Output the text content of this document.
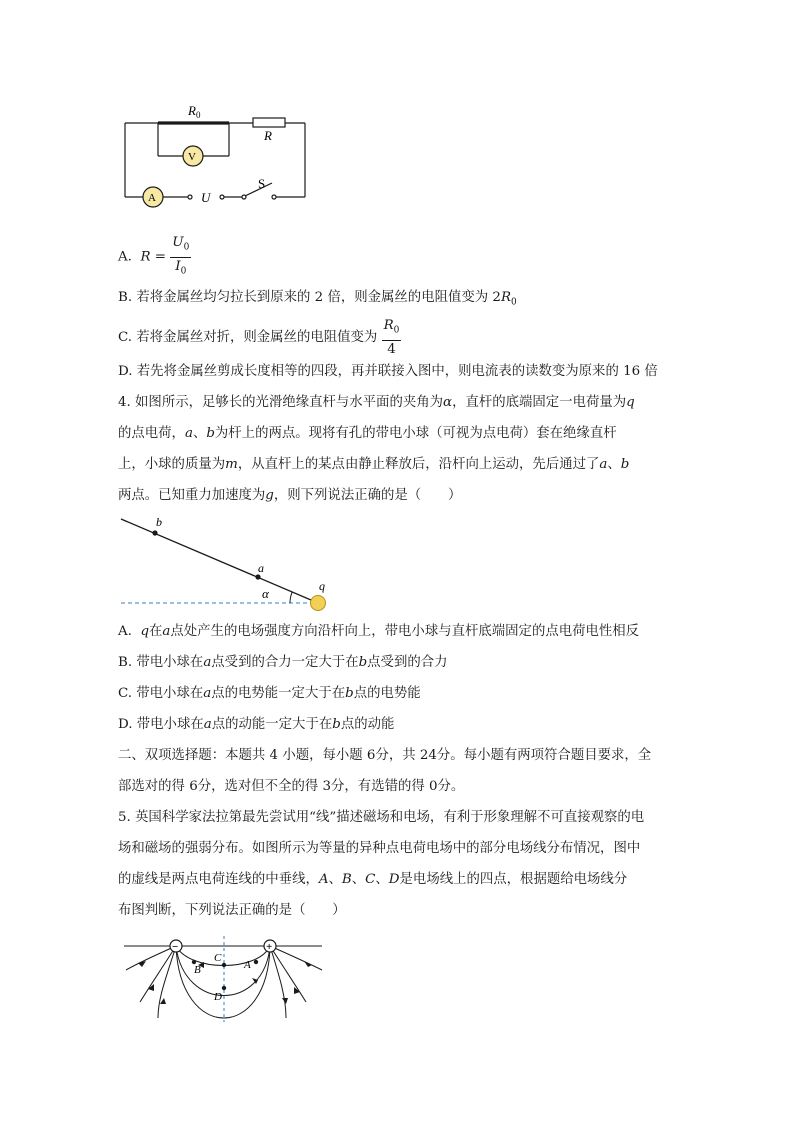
$R_0$
R
V
A	U
S
A. $R = \frac{U_0}{I_0}$
B. 若将金属丝均匀拉长到原来的 2 倍，则金属丝的电阻值变为 $2R_0$
C. 若将金属丝对折，则金属丝的电阻值变为 $\frac{R_0}{4}$
D. 若先将金属丝剪成长度相等的四段，再并联接入图中，则电流表的读数变为原来的 16 倍
4. 如图所示，足够长的光滑绝缘直杆与水平面的夹角为α，直杆的底端固定一电荷量为q
的点电荷，a、b为杆上的两点。现将有孔的带电小球（可视为点电荷）套在绝缘直杆
上，小球的质量为m，从直杆上的某点由静止释放后，沿杆向上运动，先后通过了a、b
两点。已知重力加速度为g，则下列说法正确的是（　　）
b
a
α	q
A. q在a点处产生的电场强度方向沿杆向上，带电小球与直杆底端固定的点电荷电性相反
B. 带电小球在a点受到的合力一定大于在b点受到的合力
C. 带电小球在a点的电势能一定大于在b点的电势能
D. 带电小球在a点的动能一定大于在b点的动能
二、双项选择题：本题共 4 小题，每小题 6分，共 24分。每小题有两项符合题目要求，全
部选对的得 6分，选对但不全的得 3分，有选错的得 0分。
5. 英国科学家法拉第最先尝试用“线”描述磁场和电场，有利于形象理解不可直接观察的电
场和磁场的强弱分布。如图所示为等量的异种点电荷电场中的部分电场线分布情况，图中
的虚线是两点电荷连线的中垂线，A、B、C、D是电场线上的四点，根据题给电场线分
布图判断，下列说法正确的是（　　）
−	+
C
B	A
D
